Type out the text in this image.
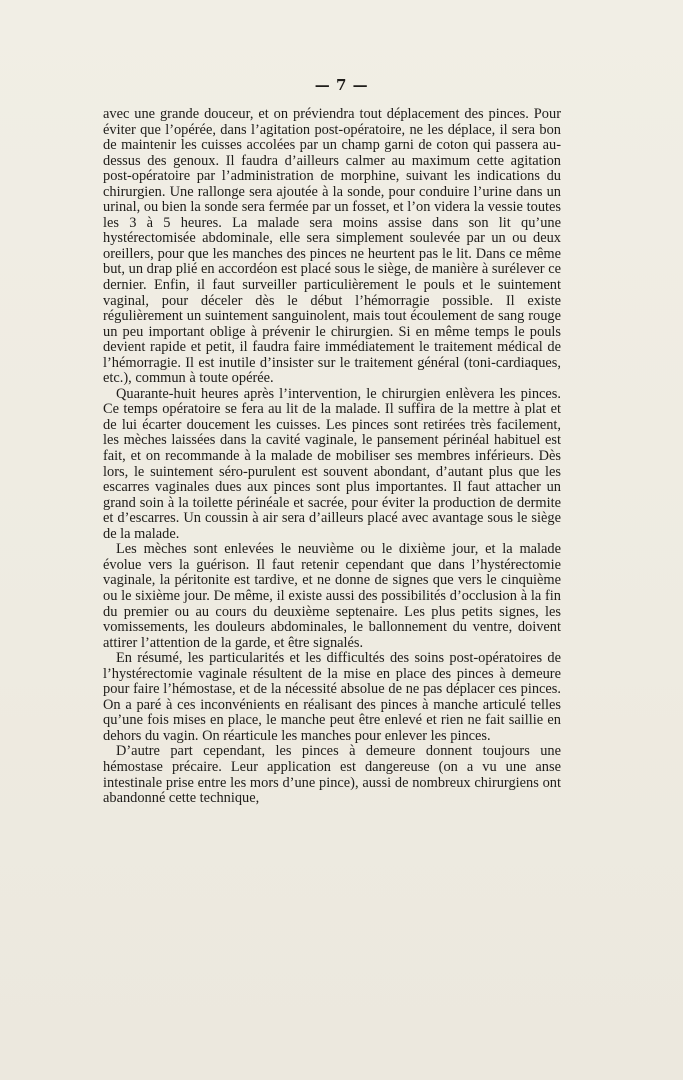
— 7 —

avec une grande douceur, et on préviendra tout déplacement des pinces. Pour éviter que l’opérée, dans l’agitation post-opératoire, ne les déplace, il sera bon de maintenir les cuisses accolées par un champ garni de coton qui passera au-dessus des genoux. Il faudra d’ailleurs calmer au maximum cette agitation post-opératoire par l’administration de morphine, suivant les indications du chirurgien. Une rallonge sera ajoutée à la sonde, pour conduire l’urine dans un urinal, ou bien la sonde sera fermée par un fosset, et l’on videra la vessie toutes les 3 à 5 heures. La malade sera moins assise dans son lit qu’une hystérectomisée abdominale, elle sera simplement soulevée par un ou deux oreillers, pour que les manches des pinces ne heurtent pas le lit. Dans ce même but, un drap plié en accordéon est placé sous le siège, de manière à surélever ce dernier. Enfin, il faut surveiller particulièrement le pouls et le suintement vaginal, pour déceler dès le début l’hémorragie possible. Il existe régulièrement un suintement sanguinolent, mais tout écoulement de sang rouge un peu important oblige à prévenir le chirurgien. Si en même temps le pouls devient rapide et petit, il faudra faire immédiatement le traitement médical de l’hémorragie. Il est inutile d’insister sur le traitement général (toni-cardiaques, etc.), commun à toute opérée.

Quarante-huit heures après l’intervention, le chirurgien enlèvera les pinces. Ce temps opératoire se fera au lit de la malade. Il suffira de la mettre à plat et de lui écarter doucement les cuisses. Les pinces sont retirées très facilement, les mèches laissées dans la cavité vaginale, le pansement périnéal habituel est fait, et on recommande à la malade de mobiliser ses membres inférieurs. Dès lors, le suintement séro-purulent est souvent abondant, d’autant plus que les escarres vaginales dues aux pinces sont plus importantes. Il faut attacher un grand soin à la toilette périnéale et sacrée, pour éviter la production de dermite et d’escarres. Un coussin à air sera d’ailleurs placé avec avantage sous le siège de la malade.

Les mèches sont enlevées le neuvième ou le dixième jour, et la malade évolue vers la guérison. Il faut retenir cependant que dans l’hystérectomie vaginale, la péritonite est tardive, et ne donne de signes que vers le cinquième ou le sixième jour. De même, il existe aussi des possibilités d’occlusion à la fin du premier ou au cours du deuxième septenaire. Les plus petits signes, les vomissements, les douleurs abdominales, le ballonnement du ventre, doivent attirer l’attention de la garde, et être signalés.

En résumé, les particularités et les difficultés des soins post-opératoires de l’hystérectomie vaginale résultent de la mise en place des pinces à demeure pour faire l’hémostase, et de la nécessité absolue de ne pas déplacer ces pinces. On a paré à ces inconvénients en réalisant des pinces à manche articulé telles qu’une fois mises en place, le manche peut être enlevé et rien ne fait saillie en dehors du vagin. On réarticule les manches pour enlever les pinces.

D’autre part cependant, les pinces à demeure donnent toujours une hémostase précaire. Leur application est dangereuse (on a vu une anse intestinale prise entre les mors d’une pince), aussi de nombreux chirurgiens ont abandonné cette technique,
